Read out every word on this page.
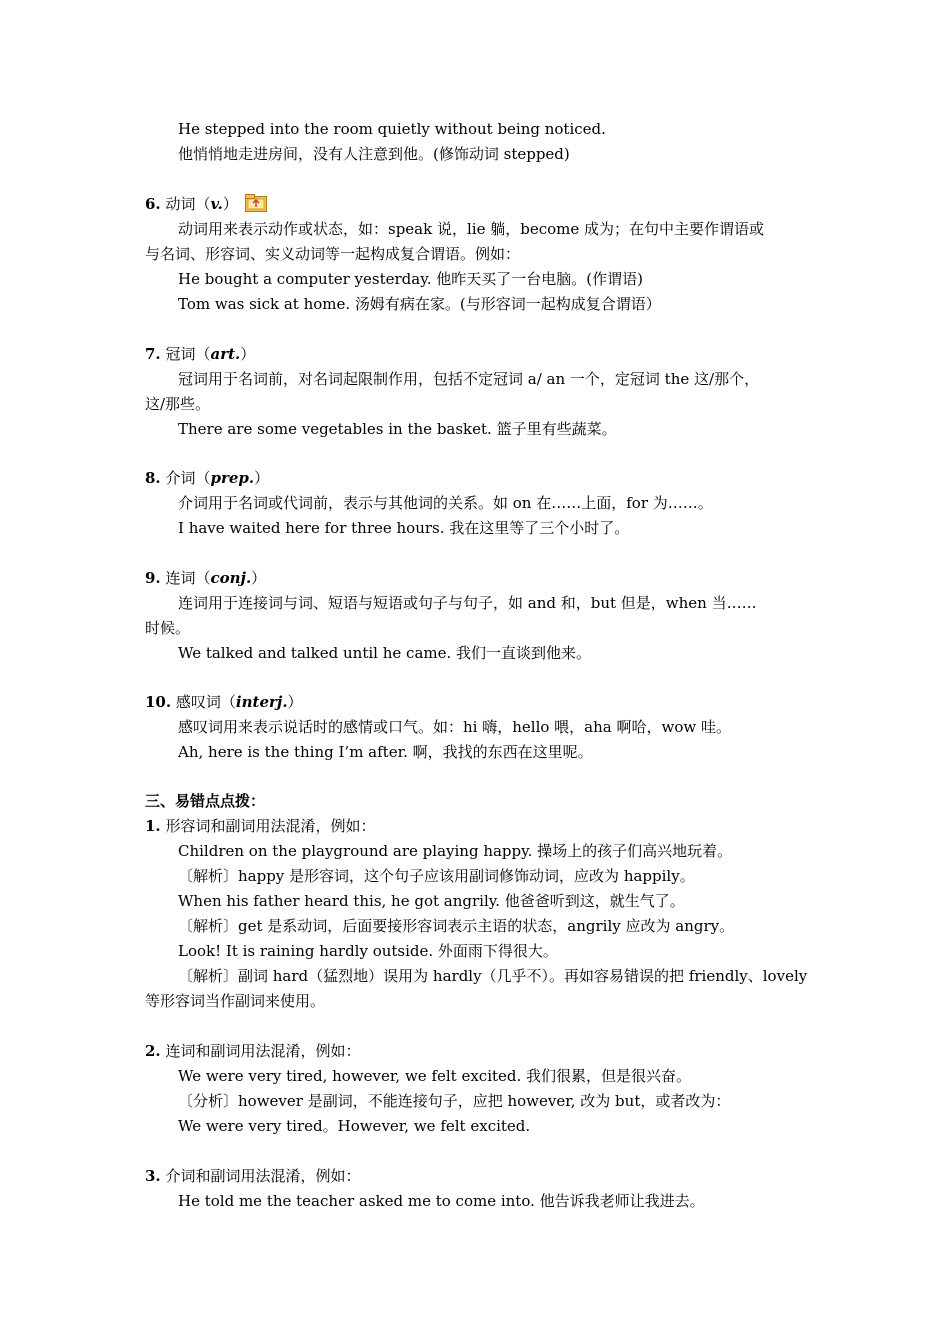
He stepped into the room quietly without being noticed.
他悄悄地走进房间，没有人注意到他。(修饰动词 stepped)
6. 动词（v.）
动词用来表示动作或状态，如：speak 说，lie 躺，become 成为；在句中主要作谓语或
与名词、形容词、实义动词等一起构成复合谓语。例如：
He bought a computer yesterday. 他昨天买了一台电脑。(作谓语)
Tom was sick at home. 汤姆有病在家。(与形容词一起构成复合谓语）
7. 冠词（art.）
冠词用于名词前，对名词起限制作用，包括不定冠词 a/ an 一个，定冠词 the 这/那个，
这/那些。
There are some vegetables in the basket. 篮子里有些蔬菜。
8. 介词（prep.）
介词用于名词或代词前，表示与其他词的关系。如 on 在……上面，for 为……。
I have waited here for three hours. 我在这里等了三个小时了。
9. 连词（conj.）
连词用于连接词与词、短语与短语或句子与句子，如 and 和，but 但是，when 当……
时候。
We talked and talked until he came. 我们一直谈到他来。
10. 感叹词（interj.）
感叹词用来表示说话时的感情或口气。如：hi 嗨，hello 喂，aha 啊哈，wow 哇。
Ah, here is the thing I’m after. 啊，我找的东西在这里呢。
三、易错点点拨：
1. 形容词和副词用法混淆，例如：
Children on the playground are playing happy. 操场上的孩子们高兴地玩着。
〔解析〕happy 是形容词，这个句子应该用副词修饰动词，应改为 happily。
When his father heard this, he got angrily. 他爸爸听到这，就生气了。
〔解析〕get 是系动词，后面要接形容词表示主语的状态，angrily 应改为 angry。
Look! It is raining hardly outside. 外面雨下得很大。
〔解析〕副词 hard（猛烈地）误用为 hardly（几乎不）。再如容易错误的把 friendly、lovely
等形容词当作副词来使用。
2. 连词和副词用法混淆，例如：
We were very tired, however, we felt excited. 我们很累，但是很兴奋。
〔分析〕however 是副词，不能连接句子，应把 however, 改为 but，或者改为：
We were very tired。However, we felt excited.
3. 介词和副词用法混淆，例如：
He told me the teacher asked me to come into. 他告诉我老师让我进去。
